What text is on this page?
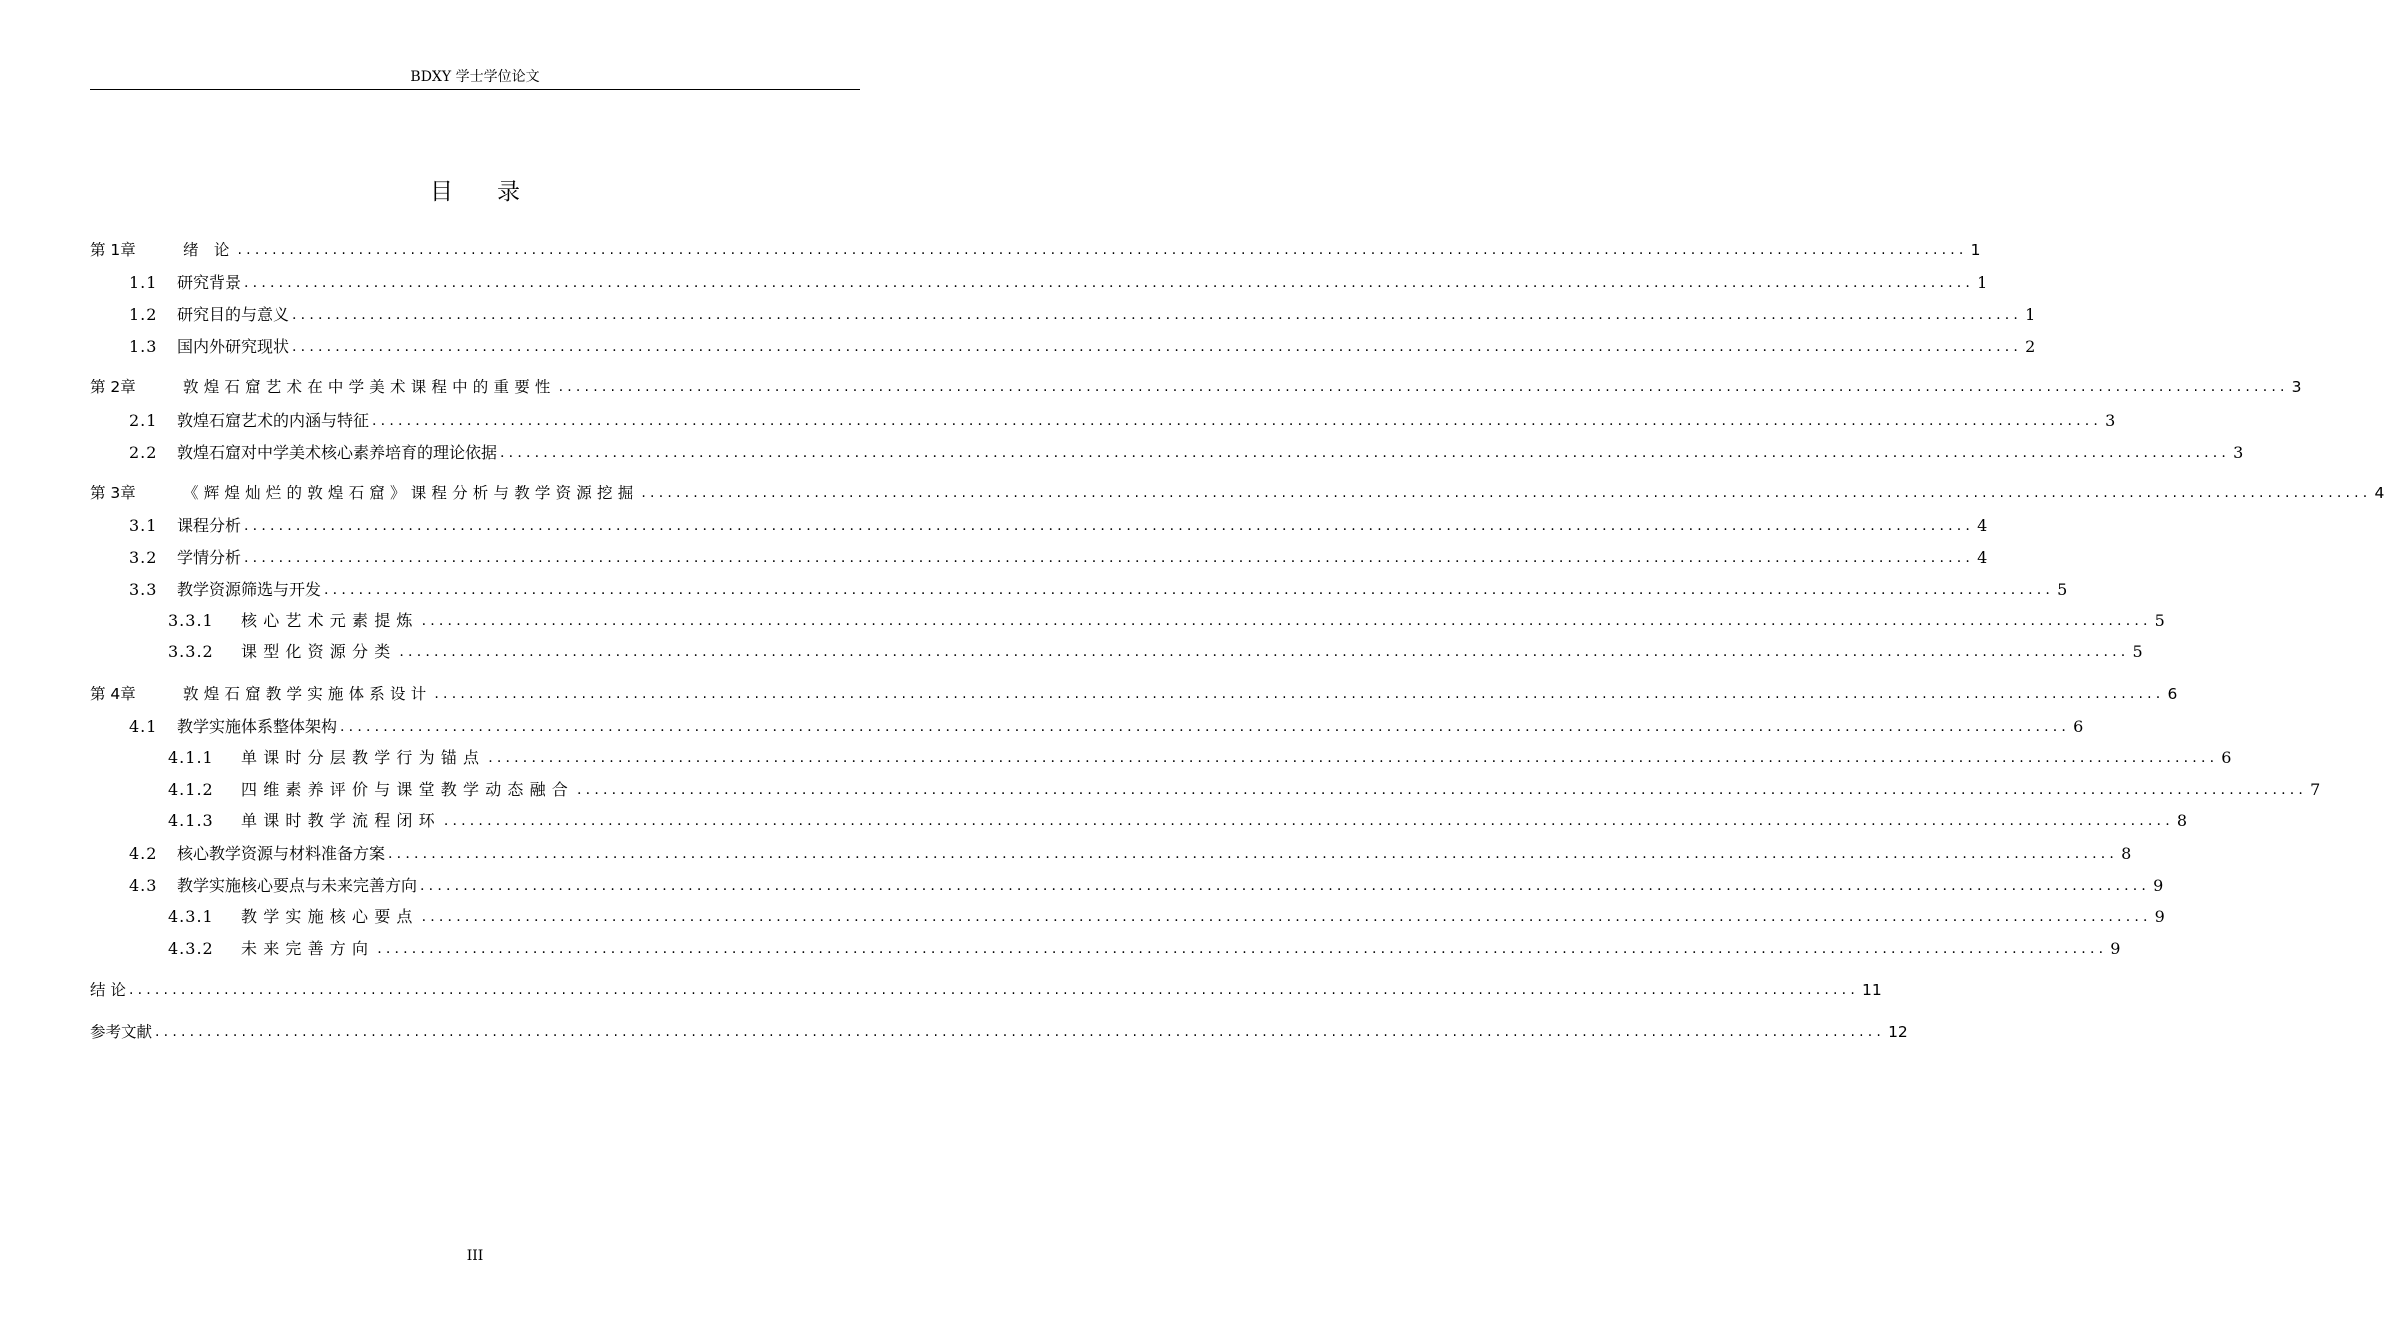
BDXY 学士学位论文
目录
第 1章	绪 论 ........................................................................................................................................................................................................ 1
1.1	研究背景 ........................................................................................................................................................................................................ 1
1.2	研究目的与意义 ........................................................................................................................................................................................................ 1
1.3	国内外研究现状 ........................................................................................................................................................................................................ 2
第 2章	敦煌石窟艺术在中学美术课程中的重要性 ........................................................................................................................................................................................................ 3
2.1	敦煌石窟艺术的内涵与特征 ........................................................................................................................................................................................................ 3
2.2	敦煌石窟对中学美术核心素养培育的理论依据 ........................................................................................................................................................................................................ 3
第 3章	《辉煌灿烂的敦煌石窟》课程分析与教学资源挖掘 ........................................................................................................................................................................................................ 4
3.1	课程分析 ........................................................................................................................................................................................................ 4
3.2	学情分析 ........................................................................................................................................................................................................ 4
3.3	教学资源筛选与开发 ........................................................................................................................................................................................................ 5
3.3.1	核心艺术元素提炼 ........................................................................................................................................................................................................ 5
3.3.2	课型化资源分类 ........................................................................................................................................................................................................ 5
第 4章	敦煌石窟教学实施体系设计 ........................................................................................................................................................................................................ 6
4.1	教学实施体系整体架构 ........................................................................................................................................................................................................ 6
4.1.1	单课时分层教学行为锚点 ........................................................................................................................................................................................................ 6
4.1.2	四维素养评价与课堂教学动态融合 ........................................................................................................................................................................................................ 7
4.1.3	单课时教学流程闭环 ........................................................................................................................................................................................................ 8
4.2	核心教学资源与材料准备方案 ........................................................................................................................................................................................................ 8
4.3	教学实施核心要点与未来完善方向 ........................................................................................................................................................................................................ 9
4.3.1	教学实施核心要点 ........................................................................................................................................................................................................ 9
4.3.2	未来完善方向 ........................................................................................................................................................................................................ 9
结 论 ........................................................................................................................................................................................................ 11
参考文献 ........................................................................................................................................................................................................ 12
III
